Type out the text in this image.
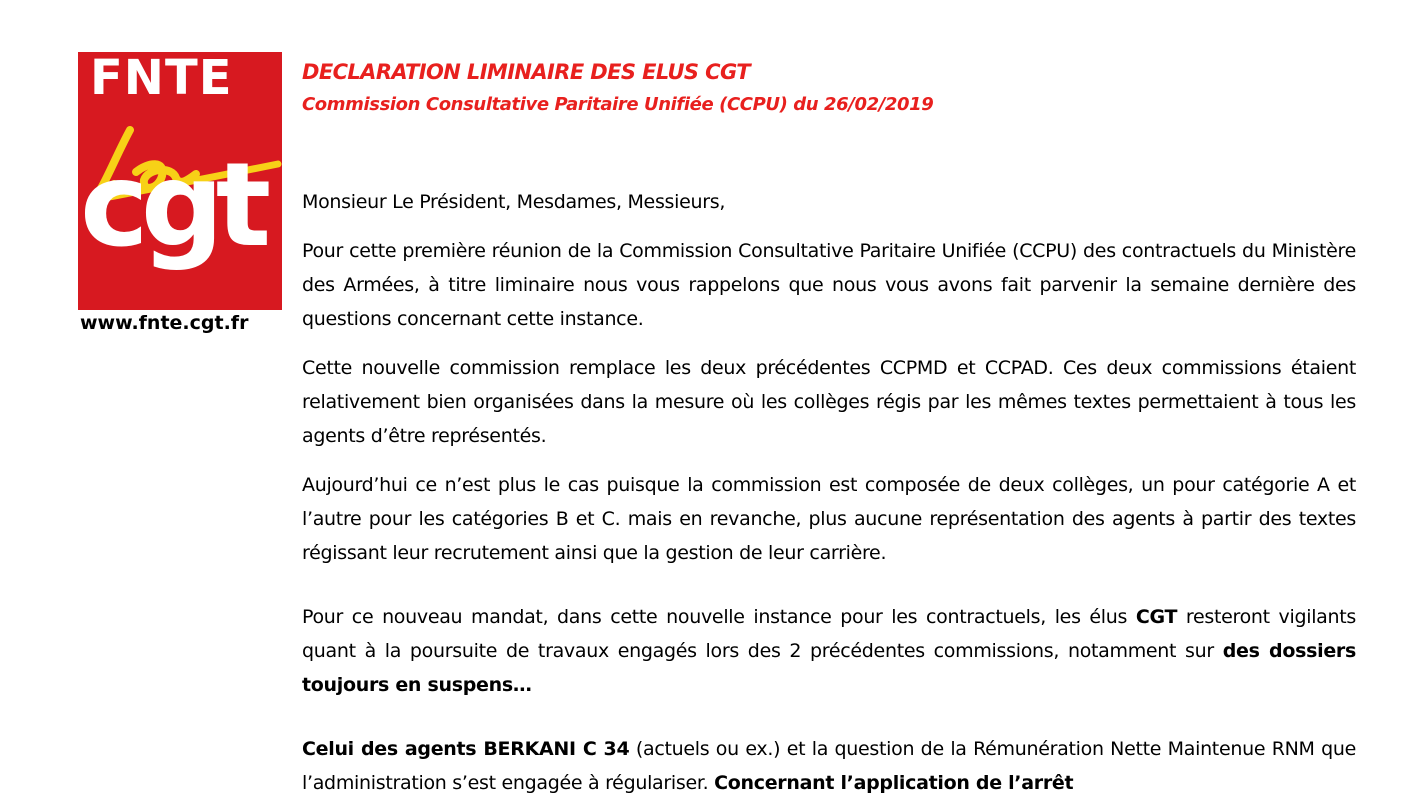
FNTE
cgt
www.fnte.cgt.fr
DECLARATION LIMINAIRE DES ELUS CGT
Commission Consultative Paritaire Unifiée (CCPU) du 26/02/2019

Monsieur Le Président, Mesdames, Messieurs,

Pour cette première réunion de la Commission Consultative Paritaire Unifiée (CCPU) des contractuels du Ministère des Armées, à titre liminaire nous vous rappelons que nous vous avons fait parvenir la semaine dernière des questions concernant cette instance.

Cette nouvelle commission remplace les deux précédentes CCPMD et CCPAD. Ces deux commissions étaient relativement bien organisées dans la mesure où les collèges régis par les mêmes textes permettaient à tous les agents d’être représentés.

Aujourd’hui ce n’est plus le cas puisque la commission est composée de deux collèges, un pour catégorie A et l’autre pour les catégories B et C. mais en revanche, plus aucune représentation des agents à partir des textes régissant leur recrutement ainsi que la gestion de leur carrière.

Pour ce nouveau mandat, dans cette nouvelle instance pour les contractuels, les élus CGT resteront vigilants quant à la poursuite de travaux engagés lors des 2 précédentes commissions, notamment sur des dossiers toujours en suspens…

Celui des agents BERKANI C 34 (actuels ou ex.) et la question de la Rémunération Nette Maintenue RNM que l’administration s’est engagée à régulariser. Concernant l’application de l’arrêt
